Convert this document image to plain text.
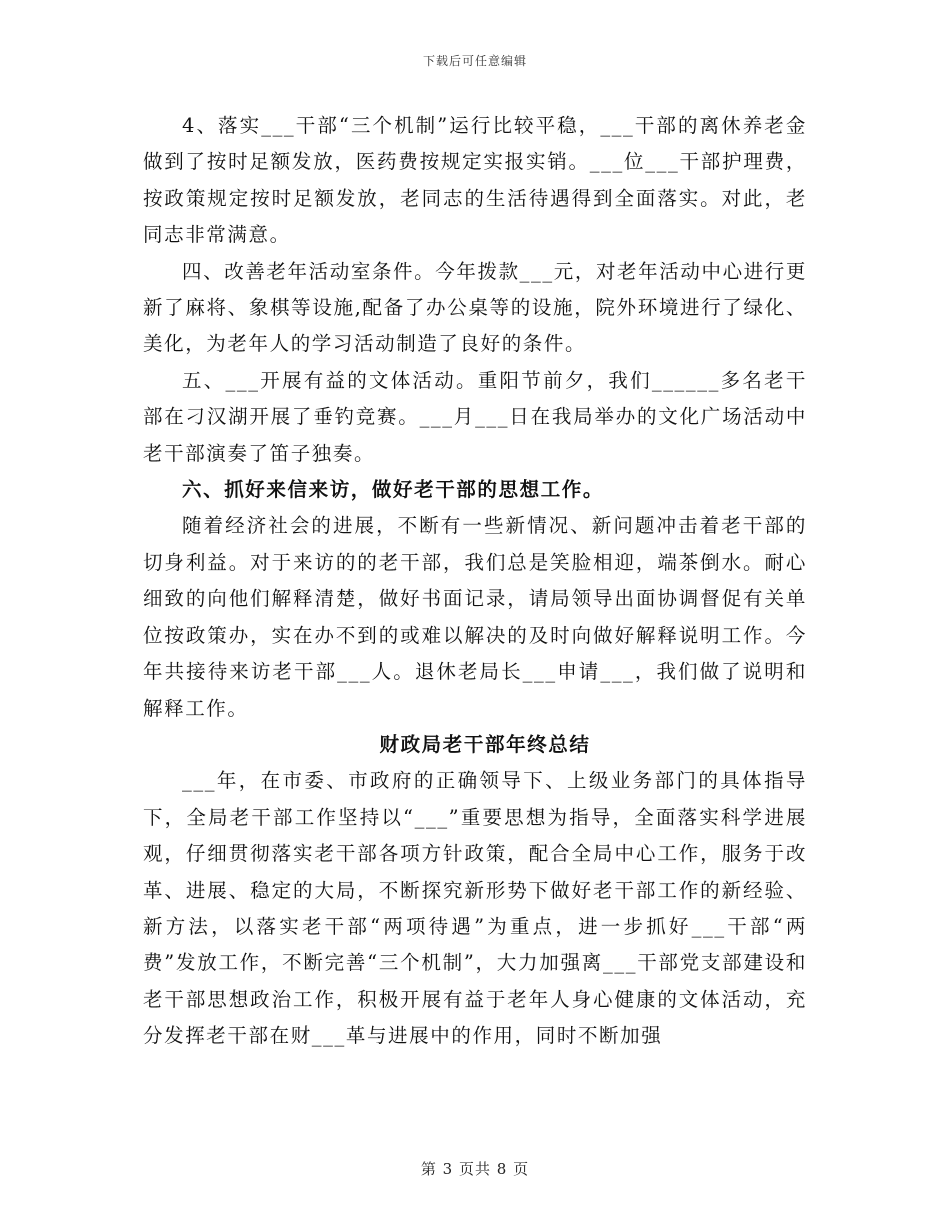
下载后可任意编辑

4、落实___干部“三个机制”运行比较平稳，___干部的离休养老金做到了按时足额发放，医药费按规定实报实销。___位___干部护理费，按政策规定按时足额发放，老同志的生活待遇得到全面落实。对此，老同志非常满意。

四、改善老年活动室条件。今年拨款___元，对老年活动中心进行更新了麻将、象棋等设施,配备了办公桌等的设施，院外环境进行了绿化、美化，为老年人的学习活动制造了良好的条件。

五、___开展有益的文体活动。重阳节前夕，我们______多名老干部在刁汉湖开展了垂钓竞赛。___月___日在我局举办的文化广场活动中老干部演奏了笛子独奏。

六、抓好来信来访，做好老干部的思想工作。

随着经济社会的进展，不断有一些新情况、新问题冲击着老干部的切身利益。对于来访的的老干部，我们总是笑脸相迎，端茶倒水。耐心细致的向他们解释清楚，做好书面记录，请局领导出面协调督促有关单位按政策办，实在办不到的或难以解决的及时向做好解释说明工作。今年共接待来访老干部___人。退休老局长___申请___，我们做了说明和解释工作。

财政局老干部年终总结

___年，在市委、市政府的正确领导下、上级业务部门的具体指导下，全局老干部工作坚持以“___”重要思想为指导，全面落实科学进展观，仔细贯彻落实老干部各项方针政策，配合全局中心工作，服务于改革、进展、稳定的大局，不断探究新形势下做好老干部工作的新经验、新方法，以落实老干部“两项待遇”为重点，进一步抓好___干部“两费”发放工作，不断完善“三个机制”，大力加强离___干部党支部建设和老干部思想政治工作，积极开展有益于老年人身心健康的文体活动，充分发挥老干部在财___革与进展中的作用，同时不断加强

第 3 页共 8 页
